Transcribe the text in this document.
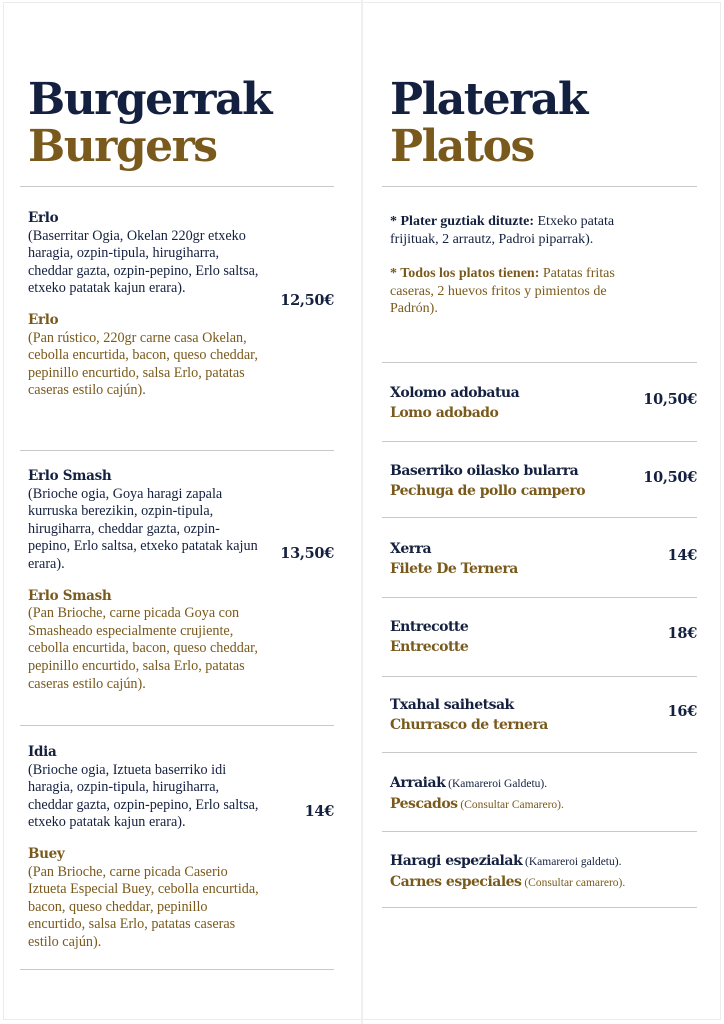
Burgerrak
Burgers
Erlo
(Baserritar Ogia, Okelan 220gr etxeko haragia, ozpin-tipula, hirugiharra, cheddar gazta, ozpin-pepino, Erlo saltsa, etxeko patatak kajun erara).
12,50€
Erlo
(Pan rústico, 220gr carne casa Okelan, cebolla encurtida, bacon, queso cheddar, pepinillo encurtido, salsa Erlo, patatas caseras estilo cajún).
Erlo Smash
(Brioche ogia, Goya haragi zapala kurruska berezikin, ozpin-tipula, hirugiharra, cheddar gazta, ozpin-pepino, Erlo saltsa, etxeko patatak kajun erara).
13,50€
Erlo Smash
(Pan Brioche, carne picada Goya con Smasheado especialmente crujiente, cebolla encurtida, bacon, queso cheddar, pepinillo encurtido, salsa Erlo, patatas caseras estilo cajún).
Idia
(Brioche ogia, Iztueta baserriko idi haragia, ozpin-tipula, hirugiharra, cheddar gazta, ozpin-pepino, Erlo saltsa, etxeko patatak kajun erara).
14€
Buey
(Pan Brioche, carne picada Caserio Iztueta Especial Buey, cebolla encurtida, bacon, queso cheddar, pepinillo encurtido, salsa Erlo, patatas caseras estilo cajún).
Platerak
Platos
* Plater guztiak dituzte: Etxeko patata frijituak, 2 arrautz, Padroi piparrak).
* Todos los platos tienen: Patatas fritas caseras, 2 huevos fritos y pimientos de Padrón).
Xolomo adobatua
Lomo adobado
10,50€
Baserriko oilasko bularra
Pechuga de pollo campero
10,50€
Xerra
Filete De Ternera
14€
Entrecotte
Entrecotte
18€
Txahal saihetsak
Churrasco de ternera
16€
Arraiak (Kamareroi Galdetu).
Pescados (Consultar Camarero).
Haragi espezialak (Kamareroi galdetu).
Carnes especiales (Consultar camarero).
